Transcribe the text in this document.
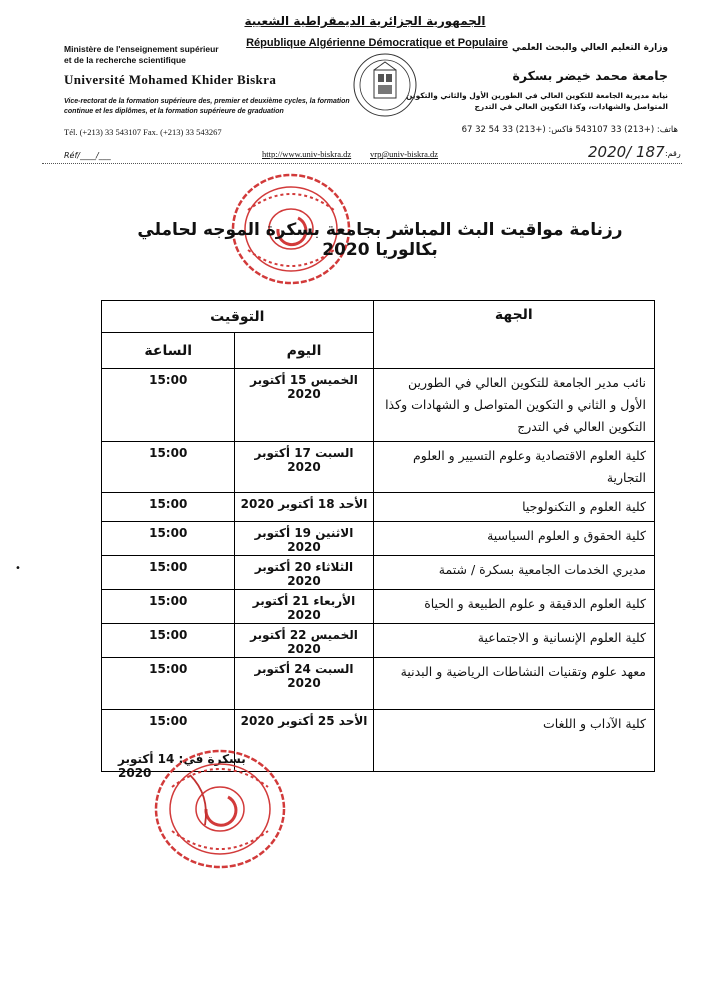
الجمهورية الجزائرية الديمقراطية الشعبية
République Algérienne Démocratique et Populaire
Ministère de l'enseignement supérieur
et de la recherche scientifique
Université Mohamed Khider Biskra
Vice-rectorat de la formation supérieure des, premier et deuxième cycles, la formation continue et les diplômes, et la formation supérieure de graduation
Tél. (+213) 33 543107 Fax. (+213) 33 543267
وزارة التعليم العالي والبحث العلمي
جامعة محمد خيضر بسكرة
نيابة مديرية الجامعة للتكوين العالي في الطورين الأول والثاني والتكوين
المتواصل والشهادات، وكذا التكوين العالي في التدرج
هاتف: (+213) 33 543107 فاكس: (+213) 33 54 32 67
Réf/____/___	http://www.univ-biskra.dz vrp@univ-biskra.dz	2020/ 187 رقم:
رزنامة مواقيت البث المباشر بجامعة بسكرة الموجه لحاملي بكالوريا 2020
التوقيت		الجهة
الساعة	اليوم	
15:00	الخميس 15 أكتوبر 2020	نائب مدير الجامعة للتكوين العالي في الطورين الأول و الثاني و التكوين المتواصل و الشهادات وكذا التكوين العالي في التدرج
15:00	السبت 17 أكتوبر 2020	كلية العلوم الاقتصادية وعلوم التسيير و العلوم التجارية
15:00	الأحد 18 أكتوبر 2020	كلية العلوم و التكنولوجيا
15:00	الاثنين 19 أكتوبر 2020	كلية الحقوق و العلوم السياسية
15:00	الثلاثاء 20 أكتوبر 2020	مديري الخدمات الجامعية بسكرة / شتمة
15:00	الأربعاء 21 أكتوبر 2020	كلية العلوم الدقيقة و علوم الطبيعة و الحياة
15:00	الخميس 22 أكتوبر 2020	كلية العلوم الإنسانية و الاجتماعية
15:00	السبت 24 أكتوبر 2020	معهد علوم وتقنيات النشاطات الرياضية و البدنية
15:00	الأحد 25 أكتوبر 2020	كلية الآداب و اللغات
•
بسكرة في: 14 أكتوبر 2020
